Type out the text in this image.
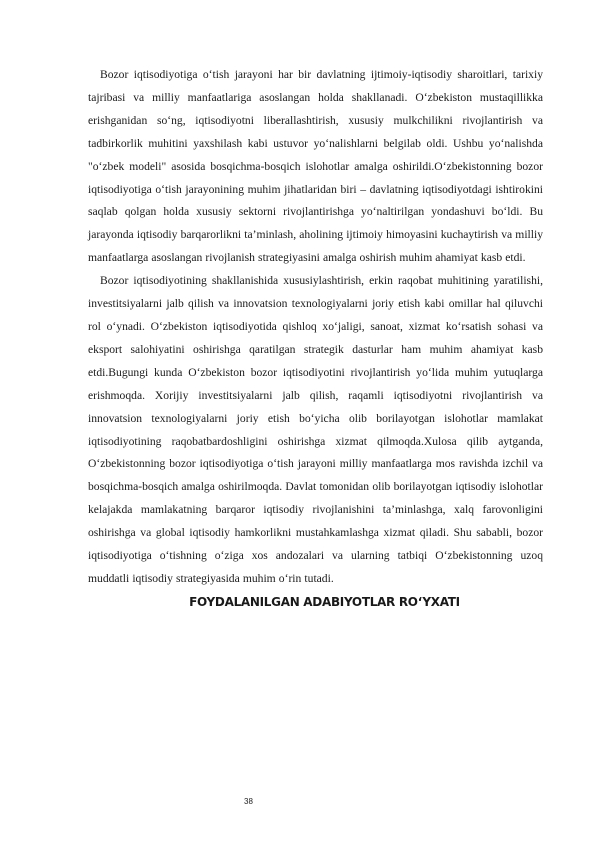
Bozor iqtisodiyotiga o‘tish jarayoni har bir davlatning ijtimoiy-iqtisodiy sharoitlari, tarixiy tajribasi va milliy manfaatlariga asoslangan holda shakllanadi. O‘zbekiston mustaqillikka erishganidan so‘ng, iqtisodiyotni liberallashtirish, xususiy mulkchilikni rivojlantirish va tadbirkorlik muhitini yaxshilash kabi ustuvor yo‘nalishlarni belgilab oldi. Ushbu yo‘nalishda "o‘zbek modeli" asosida bosqichma-bosqich islohotlar amalga oshirildi.O‘zbekistonning bozor iqtisodiyotiga o‘tish jarayonining muhim jihatlaridan biri – davlatning iqtisodiyotdagi ishtirokini saqlab qolgan holda xususiy sektorni rivojlantirishga yo‘naltirilgan yondashuvi bo‘ldi. Bu jarayonda iqtisodiy barqarorlikni ta’minlash, aholining ijtimoiy himoyasini kuchaytirish va milliy manfaatlarga asoslangan rivojlanish strategiyasini amalga oshirish muhim ahamiyat kasb etdi.

Bozor iqtisodiyotining shakllanishida xususiylashtirish, erkin raqobat muhitining yaratilishi, investitsiyalarni jalb qilish va innovatsion texnologiyalarni joriy etish kabi omillar hal qiluvchi rol o‘ynadi. O‘zbekiston iqtisodiyotida qishloq xo‘jaligi, sanoat, xizmat ko‘rsatish sohasi va eksport salohiyatini oshirishga qaratilgan strategik dasturlar ham muhim ahamiyat kasb etdi.Bugungi kunda O‘zbekiston bozor iqtisodiyotini rivojlantirish yo‘lida muhim yutuqlarga erishmoqda. Xorijiy investitsiyalarni jalb qilish, raqamli iqtisodiyotni rivojlantirish va innovatsion texnologiyalarni joriy etish bo‘yicha olib borilayotgan islohotlar mamlakat iqtisodiyotining raqobatbardoshligini oshirishga xizmat qilmoqda.Xulosa qilib aytganda, O‘zbekistonning bozor iqtisodiyotiga o‘tish jarayoni milliy manfaatlarga mos ravishda izchil va bosqichma-bosqich amalga oshirilmoqda. Davlat tomonidan olib borilayotgan iqtisodiy islohotlar kelajakda mamlakatning barqaror iqtisodiy rivojlanishini ta’minlashga, xalq farovonligini oshirishga va global iqtisodiy hamkorlikni mustahkamlashga xizmat qiladi. Shu sababli, bozor iqtisodiyotiga o‘tishning o‘ziga xos andozalari va ularning tatbiqi O‘zbekistonning uzoq muddatli iqtisodiy strategiyasida muhim o‘rin tutadi.

FOYDALANILGAN ADABIYOTLAR RO‘YXATI
38
